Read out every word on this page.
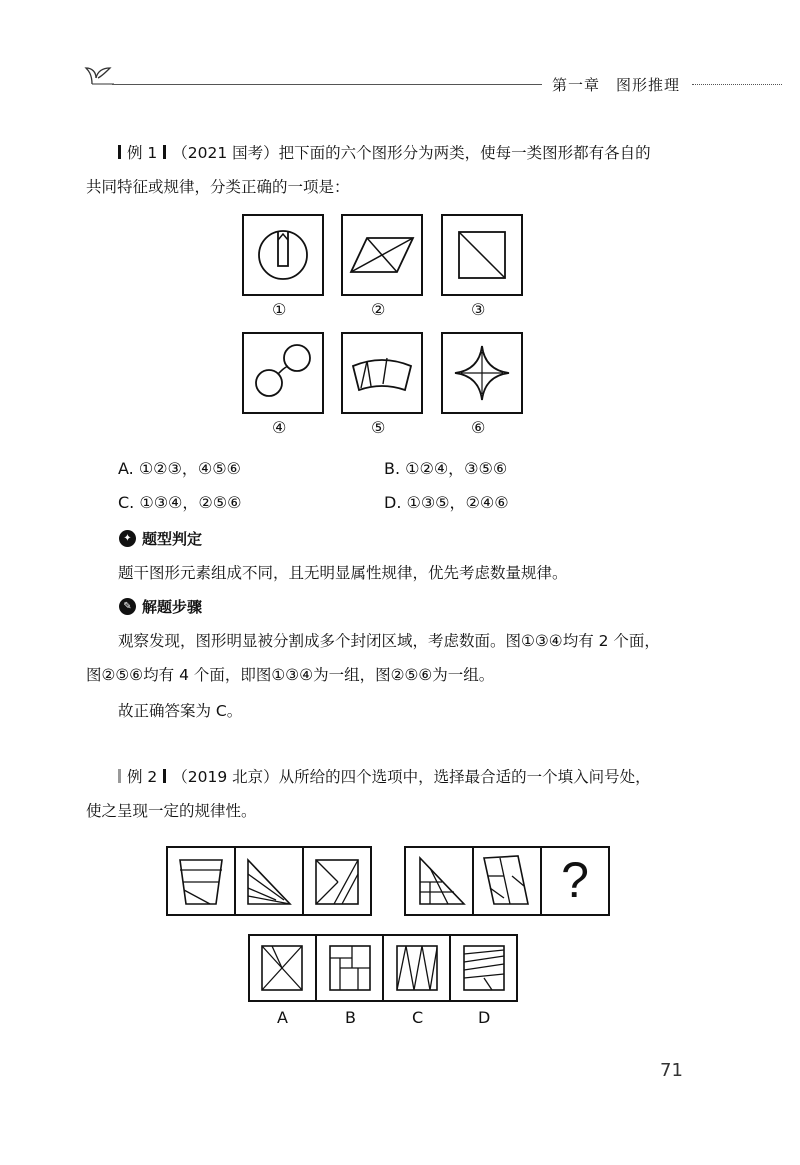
第一章　图形推理
例 1 （2021 国考）把下面的六个图形分为两类，使每一类图形都有各自的
共同特征或规律，分类正确的一项是：
①	②	③
④	⑤	⑥
A. ①②③，④⑤⑥	B. ①②④，③⑤⑥
C. ①③④，②⑤⑥	D. ①③⑤，②④⑥
✦ 题型判定
题干图形元素组成不同，且无明显属性规律，优先考虑数量规律。
✎ 解题步骤
观察发现，图形明显被分割成多个封闭区域，考虑数面。图①③④均有 2 个面，
图②⑤⑥均有 4 个面，即图①③④为一组，图②⑤⑥为一组。
故正确答案为 C。
例 2 （2019 北京）从所给的四个选项中，选择最合适的一个填入问号处，
使之呈现一定的规律性。
?
A	B	C	D
71
